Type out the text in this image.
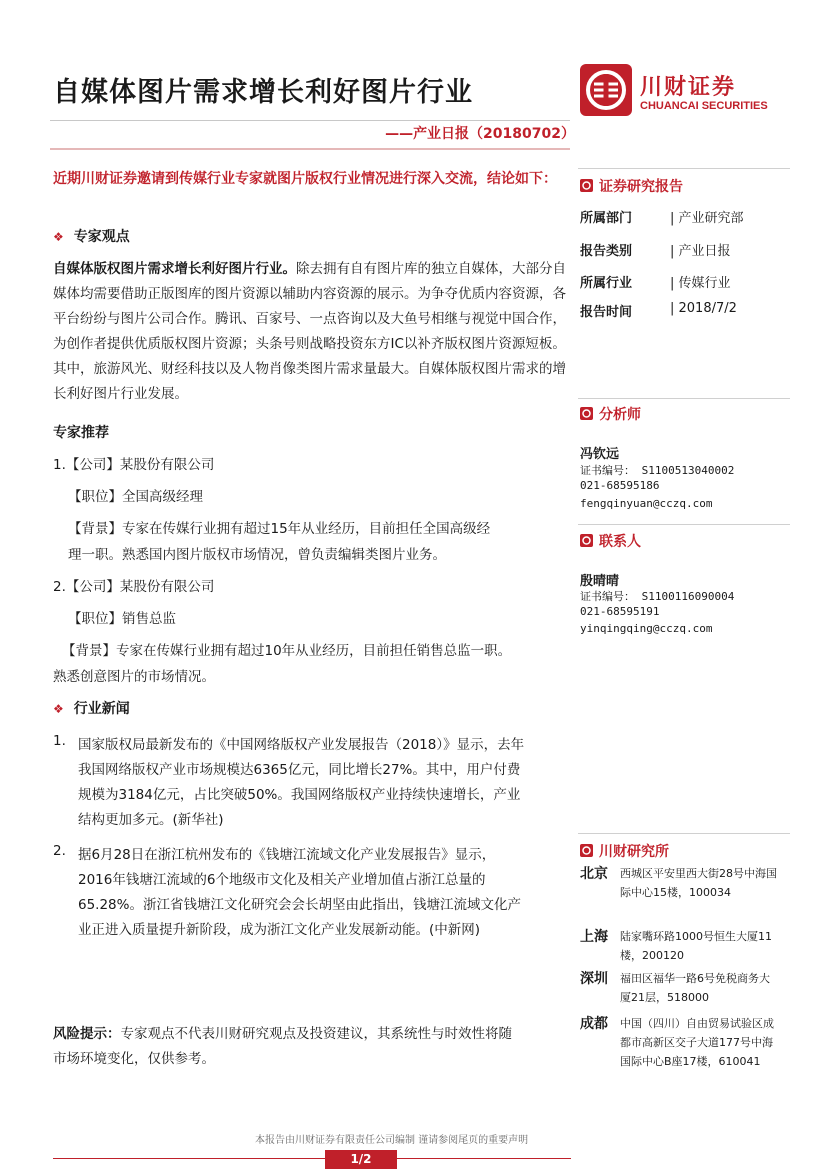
自媒体图片需求增长利好图片行业
——产业日报（20180702）
川财证券
CHUANCAI SECURITIES
近期川财证券邀请到传媒行业专家就图片版权行业情况进行深入交流，结论如下：
❖ 专家观点
自媒体版权图片需求增长利好图片行业。除去拥有自有图片库的独立自媒体，大部分自媒体均需要借助正版图库的图片资源以辅助内容资源的展示。为争夺优质内容资源，各平台纷纷与图片公司合作。腾讯、百家号、一点咨询以及大鱼号相继与视觉中国合作，为创作者提供优质版权图片资源；头条号则战略投资东方IC以补齐版权图片资源短板。其中，旅游风光、财经科技以及人物肖像类图片需求量最大。自媒体版权图片需求的增长利好图片行业发展。
专家推荐
1.【公司】某股份有限公司
【职位】全国高级经理
【背景】专家在传媒行业拥有超过15年从业经历，目前担任全国高级经
理一职。熟悉国内图片版权市场情况，曾负责编辑类图片业务。
2.【公司】某股份有限公司
【职位】销售总监
【背景】专家在传媒行业拥有超过10年从业经历，目前担任销售总监一职。
熟悉创意图片的市场情况。
❖ 行业新闻
1. 国家版权局最新发布的《中国网络版权产业发展报告（2018）》显示，去年
我国网络版权产业市场规模达6365亿元，同比增长27%。其中，用户付费
规模为3184亿元，占比突破50%。我国网络版权产业持续快速增长，产业
结构更加多元。(新华社)
2. 据6月28日在浙江杭州发布的《钱塘江流域文化产业发展报告》显示，
2016年钱塘江流域的6个地级市文化及相关产业增加值占浙江总量的
65.28%。浙江省钱塘江文化研究会会长胡坚由此指出，钱塘江流域文化产
业正进入质量提升新阶段，成为浙江文化产业发展新动能。(中新网)
风险提示：专家观点不代表川财研究观点及投资建议，其系统性与时效性将随
市场环境变化，仅供参考。
证券研究报告
所属部门	| 产业研究部
报告类别	| 产业日报
所属行业	| 传媒行业
报告时间	| 2018/7/2
分析师
冯钦远
证书编号： S1100513040002
021-68595186
fengqinyuan@cczq.com
联系人
殷晴晴
证书编号： S1100116090004
021-68595191
yinqingqing@cczq.com
川财研究所
北京 西城区平安里西大街28号中海国际中心15楼，100034
上海 陆家嘴环路1000号恒生大厦11楼，200120
深圳 福田区福华一路6号免税商务大厦21层，518000
成都 中国（四川）自由贸易试验区成都市高新区交子大道177号中海国际中心B座17楼，610041
本报告由川财证券有限责任公司编制 谨请参阅尾页的重要声明
1/2
